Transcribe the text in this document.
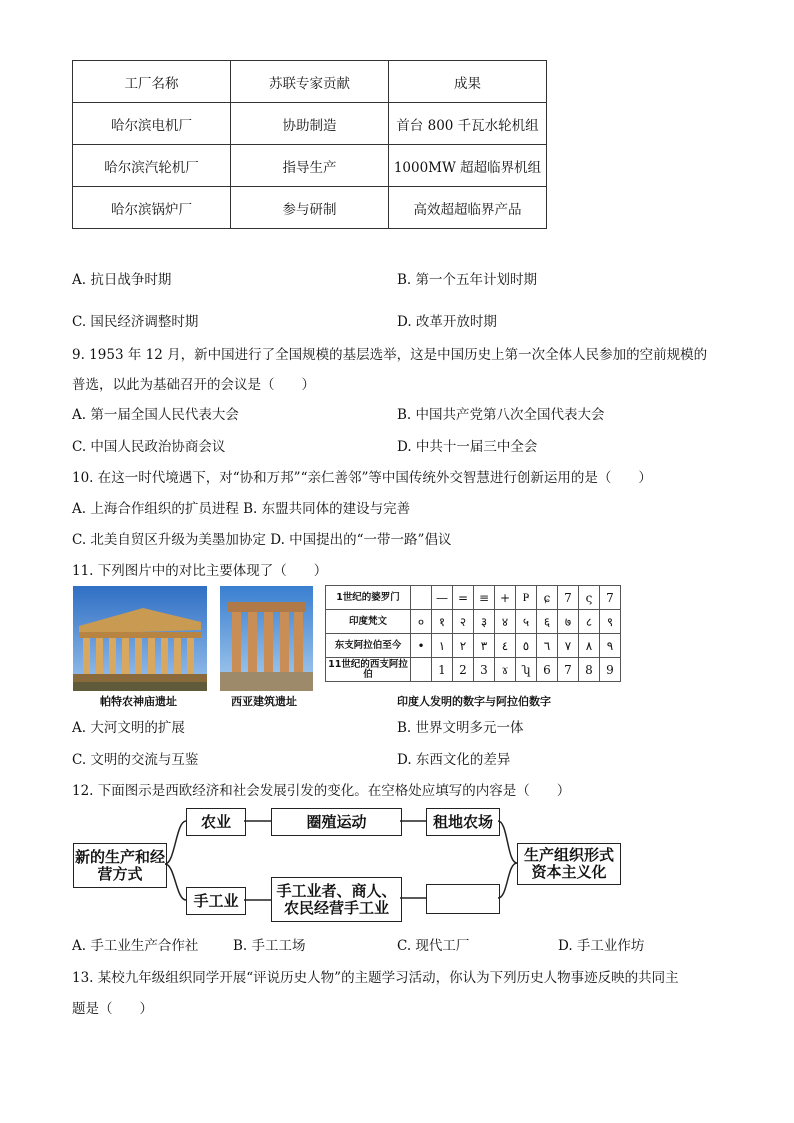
工厂名称	苏联专家贡献	成果
哈尔滨电机厂	协助制造	首台 800 千瓦水轮机组
哈尔滨汽轮机厂	指导生产	1000MW 超超临界机组
哈尔滨锅炉厂	参与研制	高效超超临界产品
A. 抗日战争时期	B. 第一个五年计划时期
C. 国民经济调整时期	D. 改革开放时期
9. 1953 年 12 月，新中国进行了全国规模的基层选举，这是中国历史上第一次全体人民参加的空前规模的
普选，以此为基础召开的会议是（　　）
A. 第一届全国人民代表大会	B. 中国共产党第八次全国代表大会
C. 中国人民政治协商会议	D. 中共十一届三中全会
10. 在这一时代境遇下，对“协和万邦”“亲仁善邻”等中国传统外交智慧进行创新运用的是（　　）
A. 上海合作组织的扩员进程 B. 东盟共同体的建设与完善
C. 北美自贸区升级为美墨加协定 D. 中国提出的“一带一路”倡议
11. 下列图片中的对比主要体现了（　　）
帕特农神庙遗址	西亚建筑遗址
1世纪的婆罗门		—	=	≡	+	Ҏ	ɕ	7	ς	7
印度梵文	०	१	२	३	४	५	६	७	८	९
东支阿拉伯至今	•	١	٢	٣	٤	٥	٦	٧	٨	٩
11世纪的西支阿拉伯		1	2	3	ɤ	ʮ	6	7	8	9
印度人发明的数字与阿拉伯数字
A. 大河文明的扩展	B. 世界文明多元一体
C. 文明的交流与互鉴	D. 东西文化的差异
12. 下面图示是西欧经济和社会发展引发的变化。在空格处应填写的内容是（　　）
新的生产和经营方式
农业	圈殖运动	租地农场
手工业
手工业者、商人、农民经营手工业
生产组织形式资本主义化
A. 手工业生产合作社	B. 手工工场	C. 现代工厂	D. 手工业作坊
13. 某校九年级组织同学开展“评说历史人物”的主题学习活动，你认为下列历史人物事迹反映的共同主
题是（　　）
